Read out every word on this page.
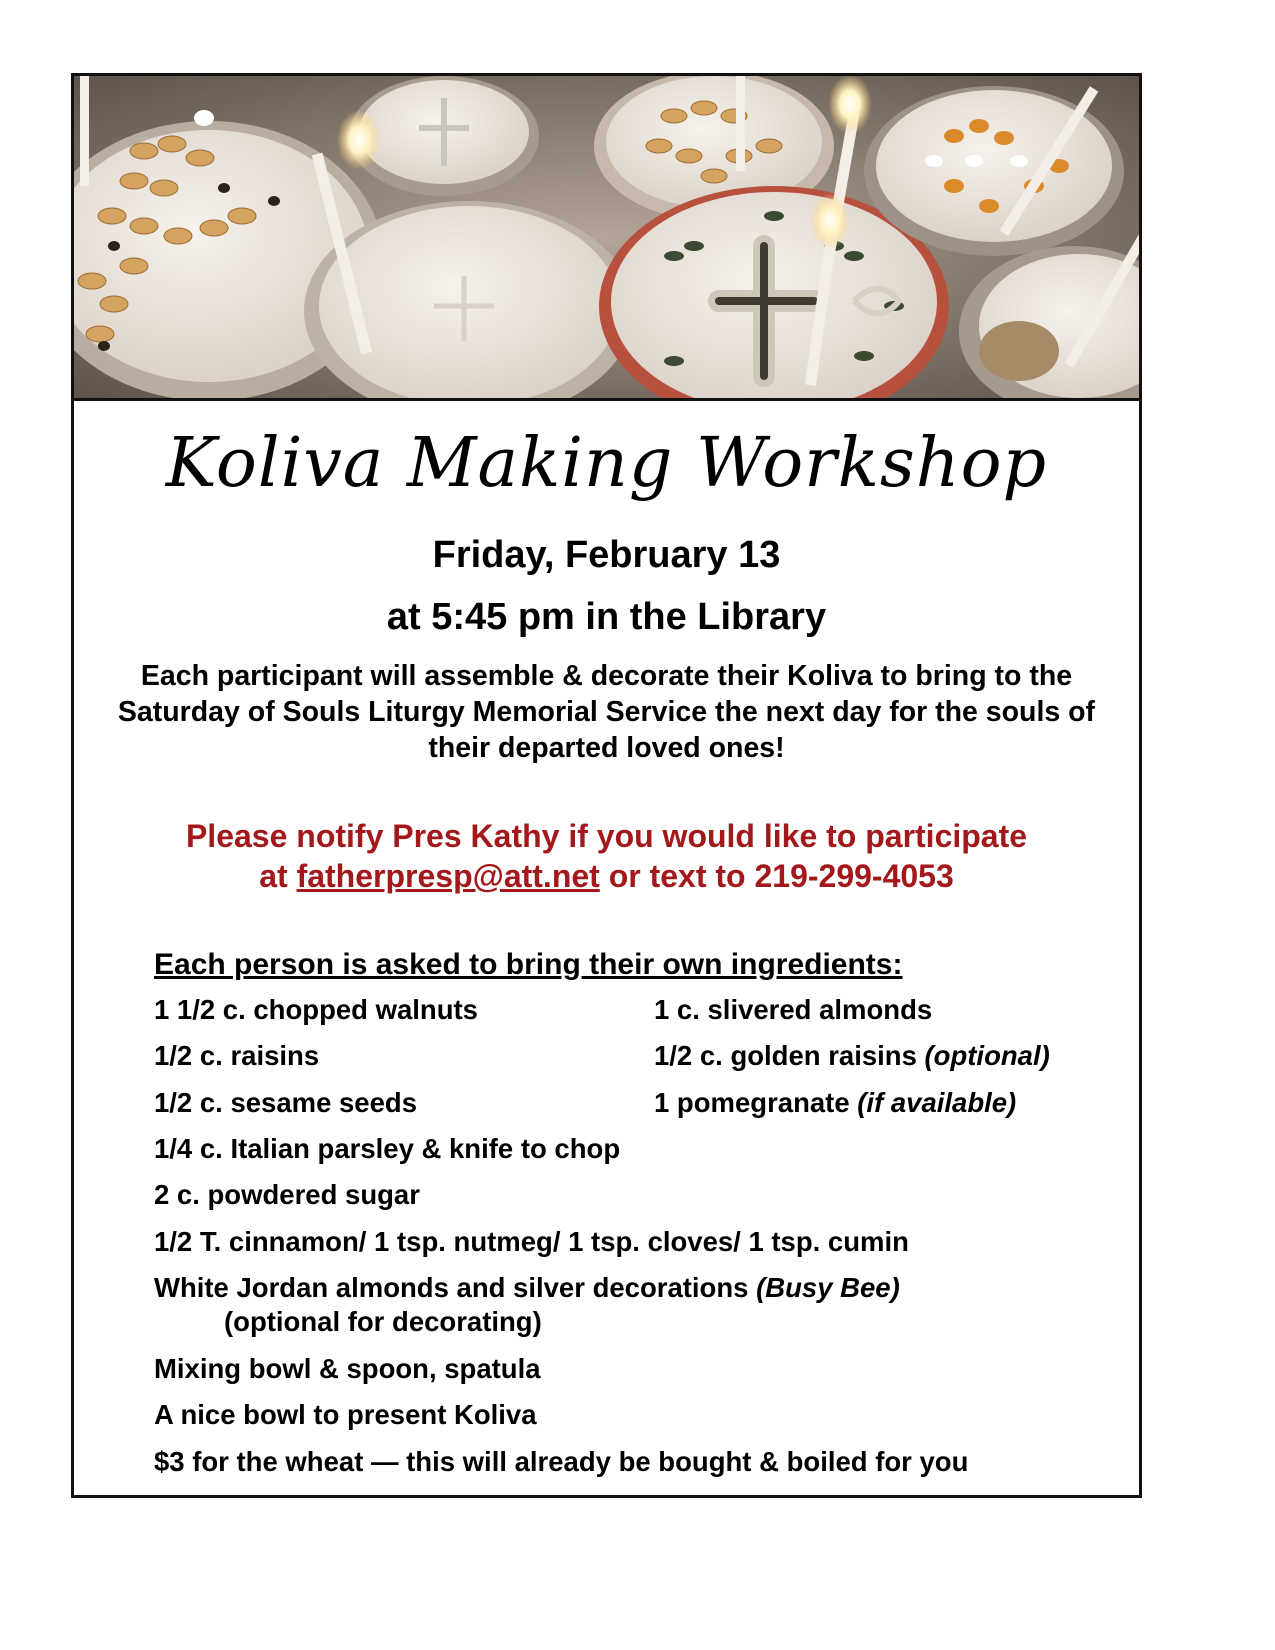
Koliva Making Workshop
Friday, February 13
at 5:45 pm in the Library
Each participant will assemble & decorate their Koliva to bring to the Saturday of Souls Liturgy Memorial Service the next day for the souls of their departed loved ones!
Please notify Pres Kathy if you would like to participate
at fatherpresp@att.net or text to 219-299-4053
Each person is asked to bring their own ingredients:
1 1/2 c. chopped walnuts	1 c. slivered almonds
1/2 c. raisins	1/2 c. golden raisins (optional)
1/2 c. sesame seeds	1 pomegranate (if available)
1/4 c. Italian parsley & knife to chop
2 c. powdered sugar
1/2 T. cinnamon/ 1 tsp. nutmeg/ 1 tsp. cloves/ 1 tsp. cumin
White Jordan almonds and silver decorations (Busy Bee)
(optional for decorating)
Mixing bowl & spoon, spatula
A nice bowl to present Koliva
$3 for the wheat — this will already be bought & boiled for you
